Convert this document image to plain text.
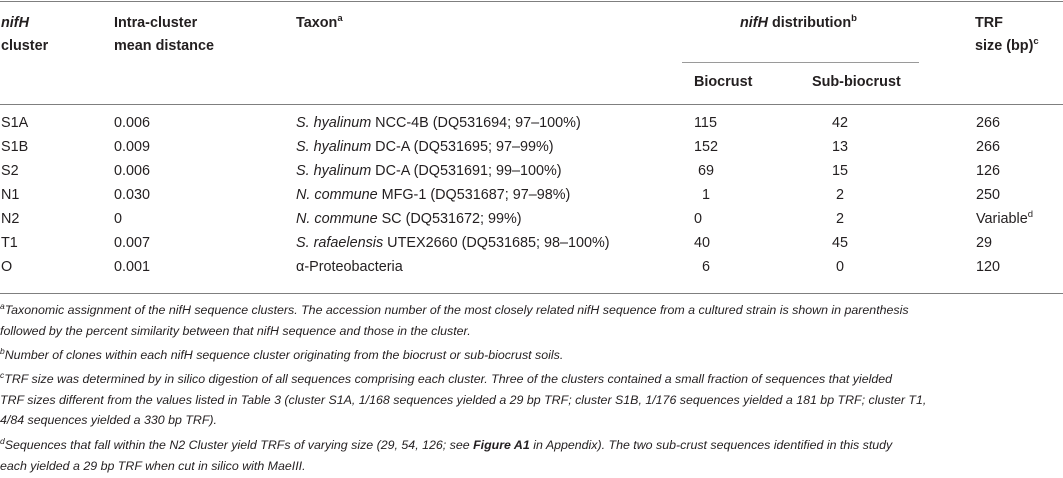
nifH
cluster
Intra-cluster
mean distance
Taxon$^a$	nifH distribution$^b$
Biocrust	Sub-biocrust
TRF
size (bp)$^c$
S1A	0.006	S. hyalinum NCC-4B (DQ531694; 97–100%)	115	42	266
S1B	0.009	S. hyalinum DC-A (DQ531695; 97–99%)	152	13	266
S2	0.006	S. hyalinum DC-A (DQ531691; 99–100%)	69	15	126
N1	0.030	N. commune MFG-1 (DQ531687; 97–98%)	1	2	250
N2	0	N. commune SC (DQ531672; 99%)	0	2	Variable$^d$
T1	0.007	S. rafaelensis UTEX2660 (DQ531685; 98–100%)	40	45	29
O	0.001	α-Proteobacteria	6	0	120
$^a$Taxonomic assignment of the nifH sequence clusters. The accession number of the most closely related nifH sequence from a cultured strain is shown in parenthesis
followed by the percent similarity between that nifH sequence and those in the cluster.
$^b$Number of clones within each nifH sequence cluster originating from the biocrust or sub-biocrust soils.
$^c$TRF size was determined by in silico digestion of all sequences comprising each cluster. Three of the clusters contained a small fraction of sequences that yielded
TRF sizes different from the values listed in Table 3 (cluster S1A, 1/168 sequences yielded a 29 bp TRF; cluster S1B, 1/176 sequences yielded a 181 bp TRF; cluster T1,
4/84 sequences yielded a 330 bp TRF).
$^d$Sequences that fall within the N2 Cluster yield TRFs of varying size (29, 54, 126; see Figure A1 in Appendix). The two sub-crust sequences identified in this study
each yielded a 29 bp TRF when cut in silico with MaeIII.
